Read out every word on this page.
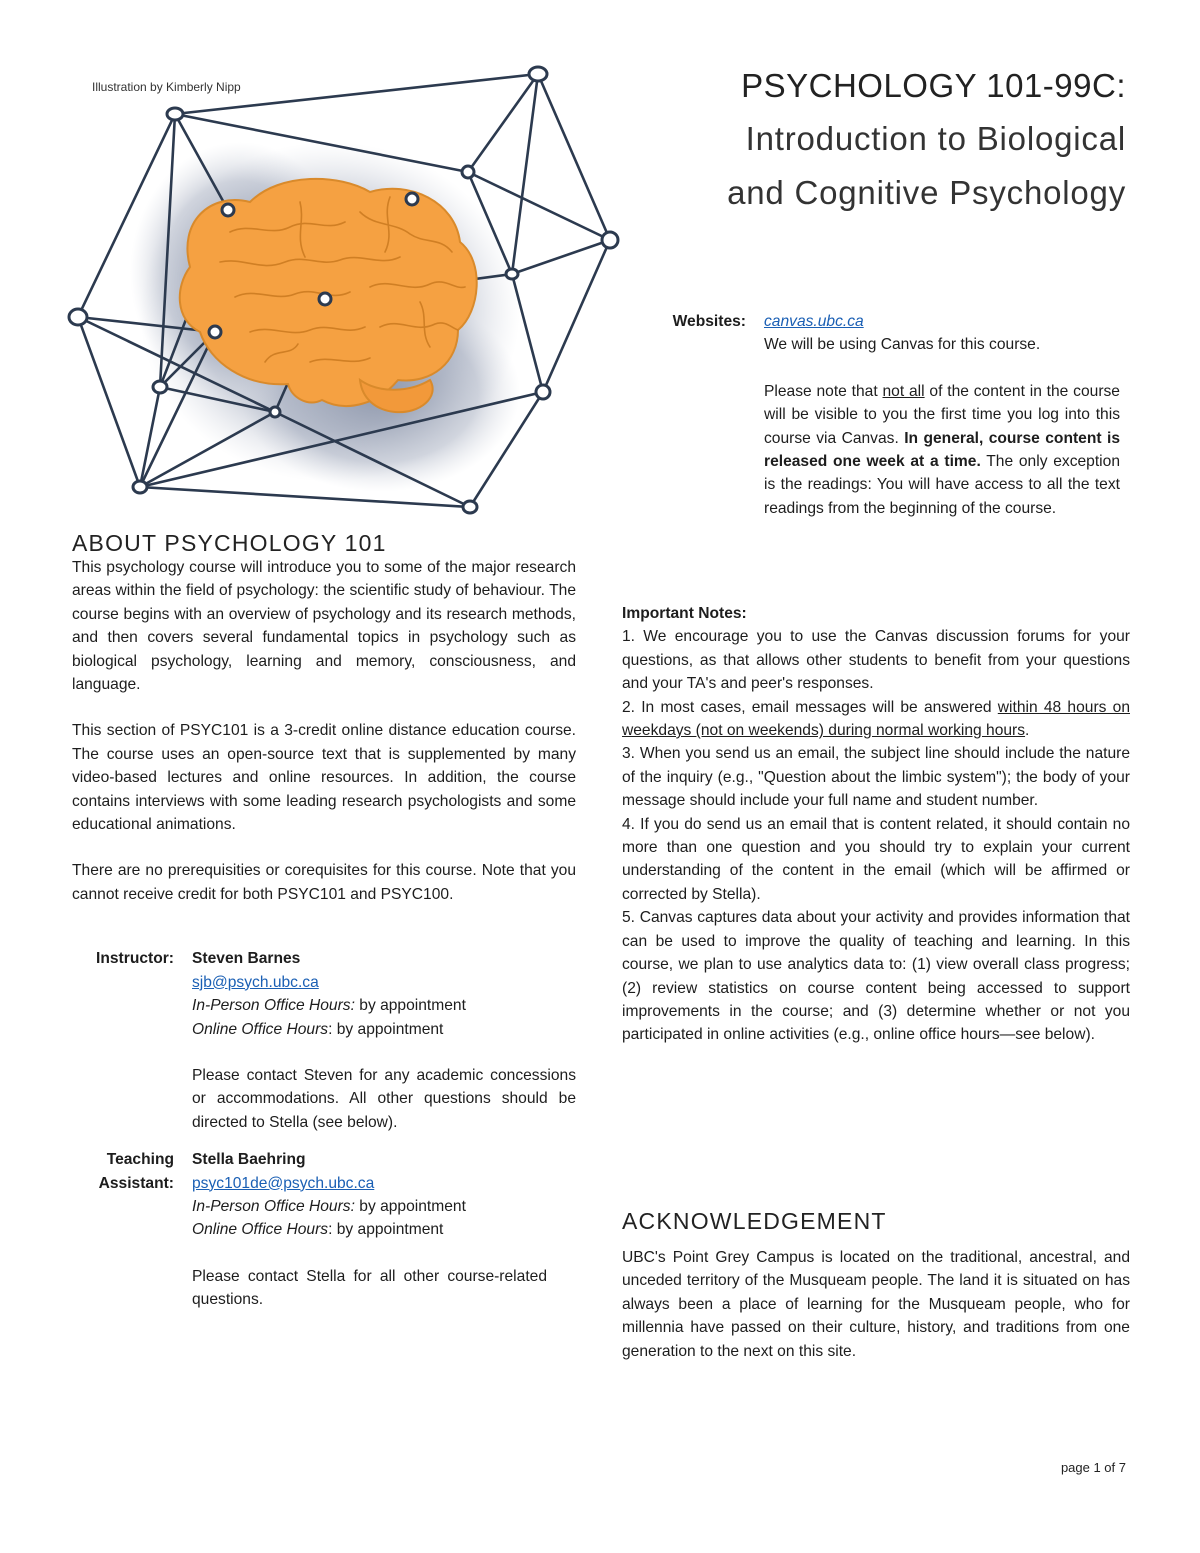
Illustration by Kimberly Nipp	PSYCHOLOGY 101-99C:
Introduction to Biological
and Cognitive Psychology
ABOUT PSYCHOLOGY 101

This psychology course will introduce you to some of the major research areas within the field of psychology: the scientific study of behaviour. The course begins with an overview of psychology and its research methods, and then covers several fundamental topics in psychology such as biological psychology, learning and memory, consciousness, and language.

This section of PSYC101 is a 3-credit online distance education course. The course uses an open-source text that is supplemented by many video-based lectures and online resources. In addition, the course contains interviews with some leading research psychologists and some educational animations.

There are no prerequisities or corequisites for this course. Note that you cannot receive credit for both PSYC101 and PSYC100.

Instructor:	Steven Barnes

sjb@psych.ubc.ca

In-Person Office Hours: by appointment

Online Office Hours: by appointment

Please contact Steven for any academic concessions or accommodations. All other questions should be directed to Stella (see below).

Teaching
Assistant:

Stella Baehring

psyc101de@psych.ubc.ca

In-Person Office Hours: by appointment

Online Office Hours: by appointment

Please contact Stella for all other course-related questions.

Websites:	canvas.ubc.ca

We will be using Canvas for this course.

Please note that not all of the content in the course will be visible to you the first time you log into this course via Canvas. In general, course content is released one week at a time. The only exception is the readings: You will have access to all the text readings from the beginning of the course.

Important Notes:

1. We encourage you to use the Canvas discussion forums for your questions, as that allows other students to benefit from your questions and your TA's and peer's responses.

2. In most cases, email messages will be answered within 48 hours on weekdays (not on weekends) during normal working hours.

3. When you send us an email, the subject line should include the nature of the inquiry (e.g., "Question about the limbic system"); the body of your message should include your full name and student number.

4. If you do send us an email that is content related, it should contain no more than one question and you should try to explain your current understanding of the content in the email (which will be affirmed or corrected by Stella).

5. Canvas captures data about your activity and provides information that can be used to improve the quality of teaching and learning. In this course, we plan to use analytics data to: (1) view overall class progress; (2) review statistics on course content being accessed to support improvements in the course; and (3) determine whether or not you participated in online activities (e.g., online office hours—see below).

ACKNOWLEDGEMENT

UBC's Point Grey Campus is located on the traditional, ancestral, and unceded territory of the Musqueam people. The land it is situated on has always been a place of learning for the Musqueam people, who for millennia have passed on their culture, history, and traditions from one generation to the next on this site.

page 1 of 7
